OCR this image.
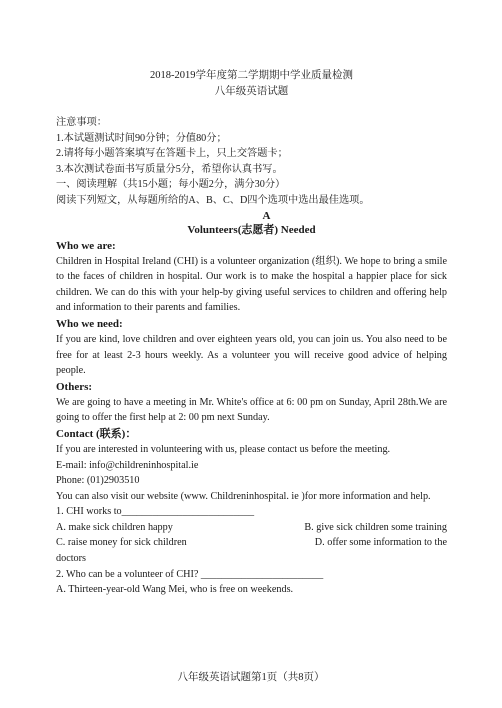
2018-2019学年度第二学期期中学业质量检测
八年级英语试题
注意事项：
1.本试题测试时间90分钟；分值80分；
2.请将每小题答案填写在答题卡上，只上交答题卡；
3.本次测试卷面书写质量分5分，希望你认真书写。
一、阅读理解（共15小题；每小题2分，满分30分）
阅读下列短文，从每题所给的A、B、C、D四个选项中选出最佳选项。
A
Volunteers(志愿者) Needed
Who we are:
Children in Hospital Ireland (CHI) is a volunteer organization (组织). We hope to bring a smile to the faces of children in hospital. Our work is to make the hospital a happier place for sick children. We can do this with your help-by giving useful services to children and offering help and information to their parents and families.
Who we need:
If you are kind, love children and over eighteen years old, you can join us. You also need to be free for at least 2-3 hours weekly. As a volunteer you will receive good advice of helping people.
Others:
We are going to have a meeting in Mr. White's office at 6: 00 pm on Sunday, April 28th.We are going to offer the first help at 2: 00 pm next Sunday.
Contact (联系)：
If you are interested in volunteering with us, please contact us before the meeting.
E-mail: info@childreninhospital.ie
Phone: (01)2903510
You can also visit our website (www. Childreninhospital. ie )for more information and help.
1. CHI works to__________________________
A. make sick children happy	B. give sick children some training
C. raise money for sick children	D. offer some information to the
doctors
2. Who can be a volunteer of CHI? ________________________
A. Thirteen-year-old Wang Mei, who is free on weekends.
八年级英语试题第1页（共8页）
